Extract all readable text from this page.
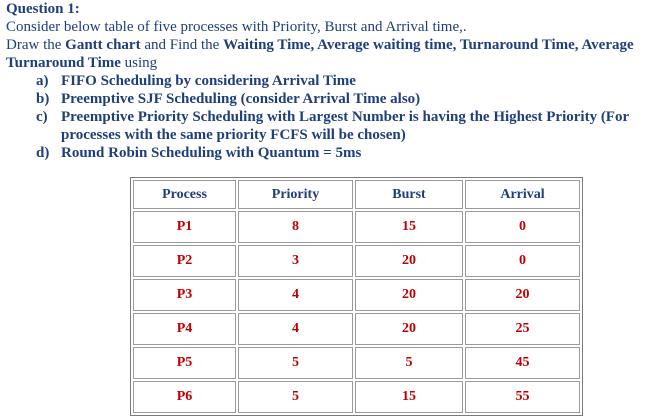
Question 1:

Consider below table of five processes with Priority, Burst and Arrival time,.

Draw the Gantt chart and Find the Waiting Time, Average waiting time, Turnaround Time, Average Turnaround Time using

a) FIFO Scheduling by considering Arrival Time
b) Preemptive SJF Scheduling (consider Arrival Time also)
c) Preemptive Priority Scheduling with Largest Number is having the Highest Priority (For processes with the same priority FCFS will be chosen)
d) Round Robin Scheduling with Quantum = 5ms
Process	Priority	Burst	Arrival
P1	8	15	0
P2	3	20	0
P3	4	20	20
P4	4	20	25
P5	5	5	45
P6	5	15	55
